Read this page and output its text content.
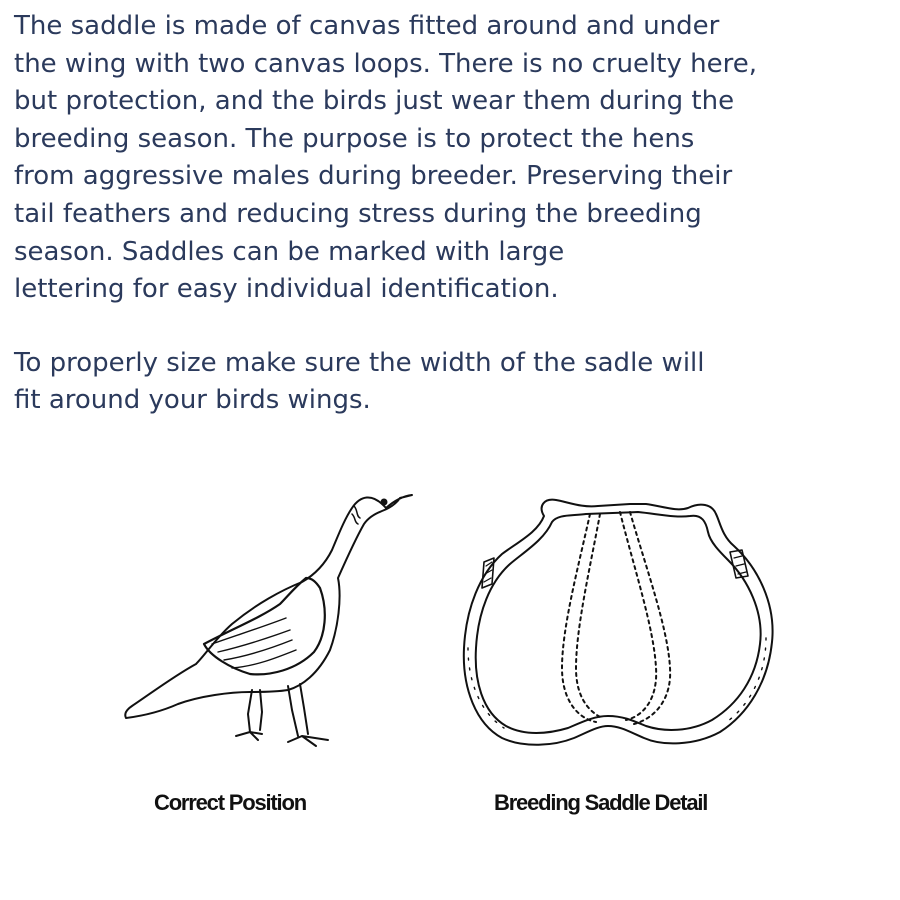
The saddle is made of canvas fitted around and under
the wing with two canvas loops. There is no cruelty here,
but protection, and the birds just wear them during the
breeding season. The purpose is to protect the hens
from aggressive males during breeder. Preserving their
tail feathers and reducing stress during the breeding
season. Saddles can be marked with large
lettering for easy individual identification.

To properly size make sure the width of the sadle will
fit around your birds wings.

Correct Position	Breeding Saddle Detail
